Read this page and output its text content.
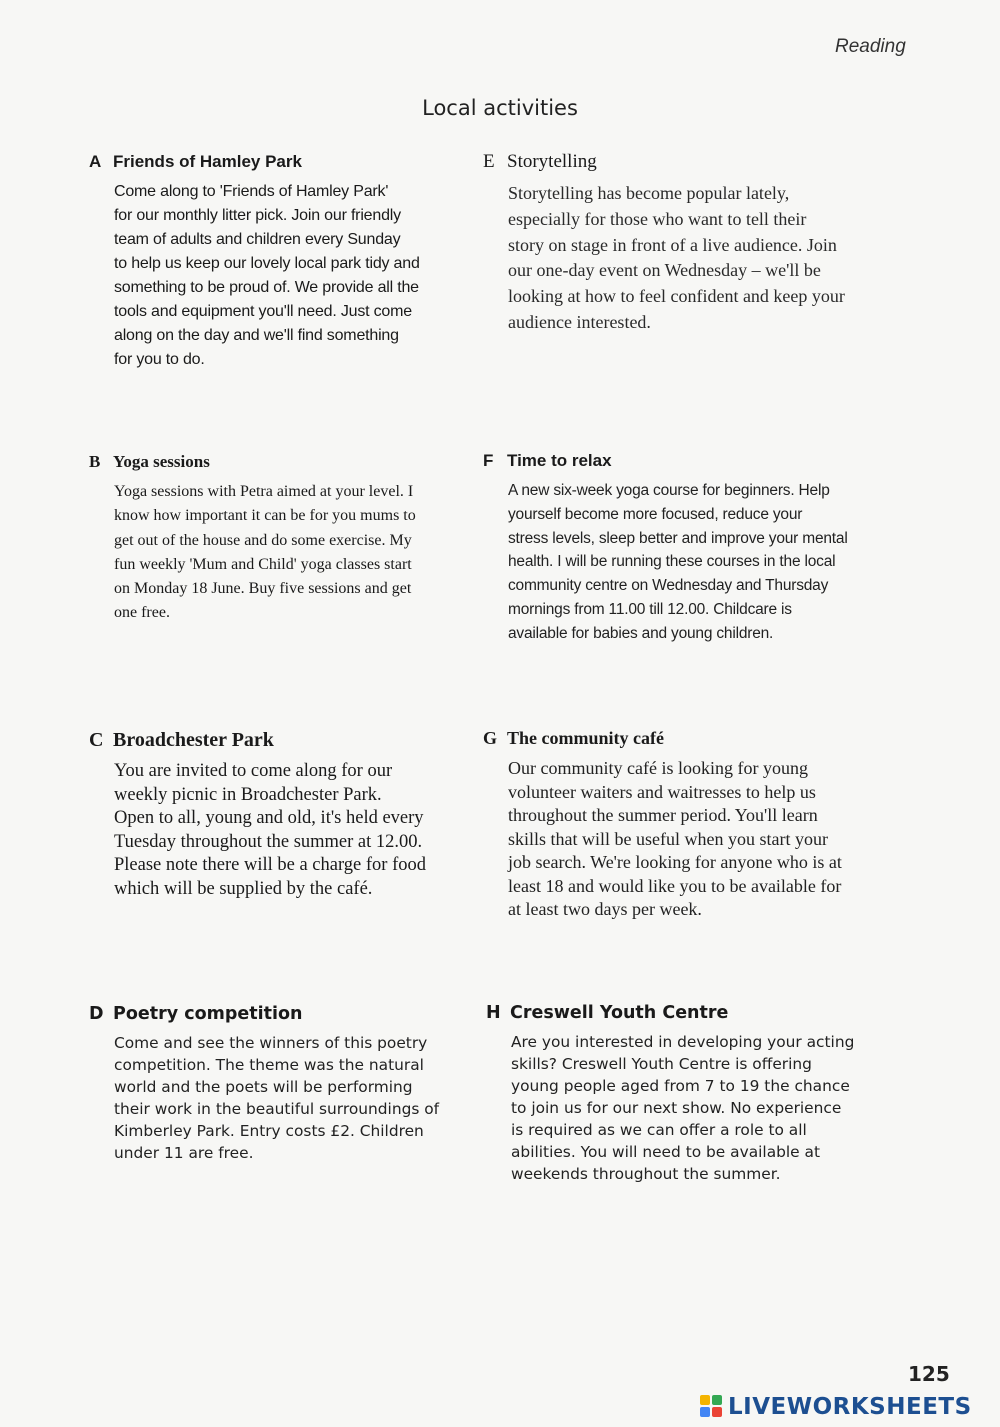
Reading
Local activities
A Friends of Hamley Park
Come along to 'Friends of Hamley Park'
for our monthly litter pick. Join our friendly
team of adults and children every Sunday
to help us keep our lovely local park tidy and
something to be proud of. We provide all the
tools and equipment you'll need. Just come
along on the day and we'll find something
for you to do.
B Yoga sessions
Yoga sessions with Petra aimed at your level. I
know how important it can be for you mums to
get out of the house and do some exercise. My
fun weekly 'Mum and Child' yoga classes start
on Monday 18 June. Buy five sessions and get
one free.
C Broadchester Park
You are invited to come along for our
weekly picnic in Broadchester Park.
Open to all, young and old, it's held every
Tuesday throughout the summer at 12.00.
Please note there will be a charge for food
which will be supplied by the café.
D Poetry competition
Come and see the winners of this poetry
competition. The theme was the natural
world and the poets will be performing
their work in the beautiful surroundings of
Kimberley Park. Entry costs £2. Children
under 11 are free.
E Storytelling
Storytelling has become popular lately,
especially for those who want to tell their
story on stage in front of a live audience. Join
our one-day event on Wednesday – we'll be
looking at how to feel confident and keep your
audience interested.
F Time to relax
A new six-week yoga course for beginners. Help
yourself become more focused, reduce your
stress levels, sleep better and improve your mental
health. I will be running these courses in the local
community centre on Wednesday and Thursday
mornings from 11.00 till 12.00. Childcare is
available for babies and young children.
G The community café
Our community café is looking for young
volunteer waiters and waitresses to help us
throughout the summer period. You'll learn
skills that will be useful when you start your
job search. We're looking for anyone who is at
least 18 and would like you to be available for
at least two days per week.
H Creswell Youth Centre
Are you interested in developing your acting
skills? Creswell Youth Centre is offering
young people aged from 7 to 19 the chance
to join us for our next show. No experience
is required as we can offer a role to all
abilities. You will need to be available at
weekends throughout the summer.
125
LIVEWORKSHEETS
